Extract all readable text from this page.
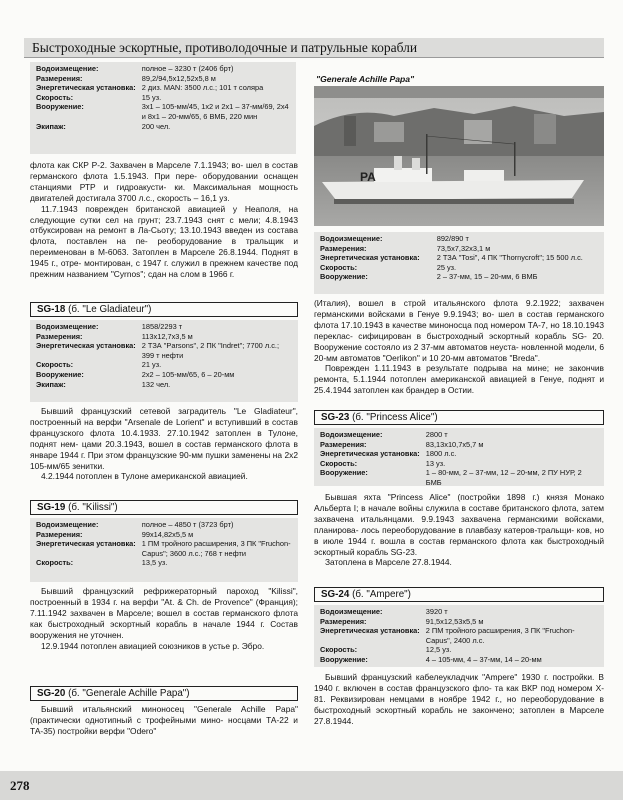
Быстроходные эскортные, противолодочные и патрульные корабли
Водоизмещение:	полное – 3230 т (2406 брт)
Размерения:	89,2/94,5х12,52х5,8 м
Энергетическая установка:	2 диз. MAN: 3500 л.с.; 101 т солярa
Скорость:	15 уз.
Вооружение:	3х1 – 105-мм/45, 1х2 и 2х1 – 37-мм/69, 2х4 и 8х1 – 20-мм/65, 6 ВМБ, 220 мин
Экипаж:	200 чел.

флота как СКР Р-2. Захвачен в Марселе 7.1.1943; во- шел в состав германского флота 1.5.1943. При пере- оборудовании оснащен станциями РТР и гидроакусти- ки. Максимальная мощность двигателей достигала 3700 л.с., скорость – 16,1 уз.

11.7.1943 поврежден британской авиацией у Неаполя, на следующие сутки сел на грунт; 23.7.1943 снят с мели; 4.8.1943 отбуксирован на ремонт в Ла-Сьоту; 13.10.1943 введен из состава флота, поставлен на пе- реоборудование в тральщик и переименован в М-6063. Затоплен в Марселе 26.8.1944. Поднят в 1945 г., отре- монтирован, с 1947 г. служил в прежнем качестве под прежним названием "Cyrnos"; сдан на слом в 1966 г.

SG-18 (б. "Le Gladiateur")
Водоизмещение:	1858/2293 т
Размерения:	113х12,7х3,5 м
Энергетическая установка:	2 ТЗА "Parsons", 2 ПК "Indret"; 7700 л.с.; 399 т нефти
Скорость:	21 уз.
Вооружение:	2х2 – 105-мм/65, 6 – 20-мм
Экипаж:	132 чел.

Бывший французский сетевой заградитель "Le Gladiateur", построенный на верфи "Arsenale de Lorient" и вступивший в состав французского флота 10.4.1933. 27.10.1942 затоплен в Тулоне, поднят нем- цами 20.3.1943, вошел в состав германского флота в январе 1944 г. При этом французские 90-мм пушки заменены на 2х2 105-мм/65 зенитки.

4.2.1944 потоплен в Тулоне американской авиацией.

SG-19 (б. "Kilissi")
Водоизмещение:	полное – 4850 т (3723 брт)
Размерения:	99х14,82х5,5 м
Энергетическая установка:	1 ПМ тройного расширения, 3 ПК "Fruchon-Capus"; 3600 л.с.; 768 т нефти
Скорость:	13,5 уз.

Бывший французский рефрижераторный пароход "Kilissi", построенный в 1934 г. на верфи "At. & Ch. de Provence" (Франция); 7.11.1942 захвачен в Марселе; вошел в состав германского флота как быстроходный эскортный корабль в начале 1944 г. Состав вооружения не уточнен.

12.9.1944 потоплен авиацией союзников в устье р. Эбро.

SG-20 (б. "Generale Achille Papa")

Бывший итальянский миноносец "Generale Achille Papa" (практически однотипный с трофейными мино- носцами ТА-22 и ТА-35) постройки верфи "Odero"

"Generale Achille Papa"
PA
Водоизмещение:	892/890 т
Размерения:	73,5х7,32х3,1 м
Энергетическая установка:	2 ТЗА "Тоsi", 4 ПК "Thornycroft"; 15 500 л.с.
Скорость:	25 уз.
Вооружение:	2 – 37-мм, 15 – 20-мм, 6 ВМБ

(Италия), вошел в строй итальянского флота 9.2.1922; захвачен германскими войсками в Генуе 9.9.1943; во- шел в состав германского флота 17.10.1943 в качестве миноносца под номером ТА-7, но 18.10.1943 переклас- сифицирован в быстроходный эскортный корабль SG- 20. Вооружение состояло из 2 37-мм автоматов неуста- новленной модели, 6 20-мм автоматов "Oerlikon" и 10 20-мм автоматов "Breda".

Поврежден 1.11.1943 в результате подрыва на мине; не закончив ремонта, 5.1.1944 потоплен американской авиацией в Генуе, поднят и 25.4.1944 затоплен как брандер в Остии.

SG-23 (б. "Princess Alice")
Водоизмещение:	2800 т
Размерения:	83,13х10,7х5,7 м
Энергетическая установка:	1800 л.с.
Скорость:	13 уз.
Вооружение:	1 – 80-мм, 2 – 37-мм, 12 – 20-мм, 2 ПУ НУР, 2 БМБ

Бывшая яхта "Princess Alice" (постройки 1898 г.) князя Монако Альберта I; в начале войны служила в составе британского флота, затем захвачена итальянцами. 9.9.1943 захвачена германскими войсками, планирова- лось переоборудование в плавбазу катеров-тральщи- ков, но в июле 1944 г. вошла в состав германского флота как быстроходный эскортный корабль SG-23.

Затоплена в Марселе 27.8.1944.

SG-24 (б. "Ampere")
Водоизмещение:	3920 т
Размерения:	91,5х12,53х5,5 м
Энергетическая установка:	2 ПМ тройного расширения, 3 ПК "Fruchon-Capus", 2400 л.с.
Скорость:	12,5 уз.
Вооружение:	4 – 105-мм, 4 – 37-мм, 14 – 20-мм

Бывший французский кабелеукладчик "Ampere" 1930 г. постройки. В 1940 г. включен в состав французского фло- та как ВКР под номером X-81. Реквизирован немцами в ноябре 1942 г., но переоборудование в быстроходный эскортный корабль не закончено; затоплен в Марселе 27.8.1944.

278
